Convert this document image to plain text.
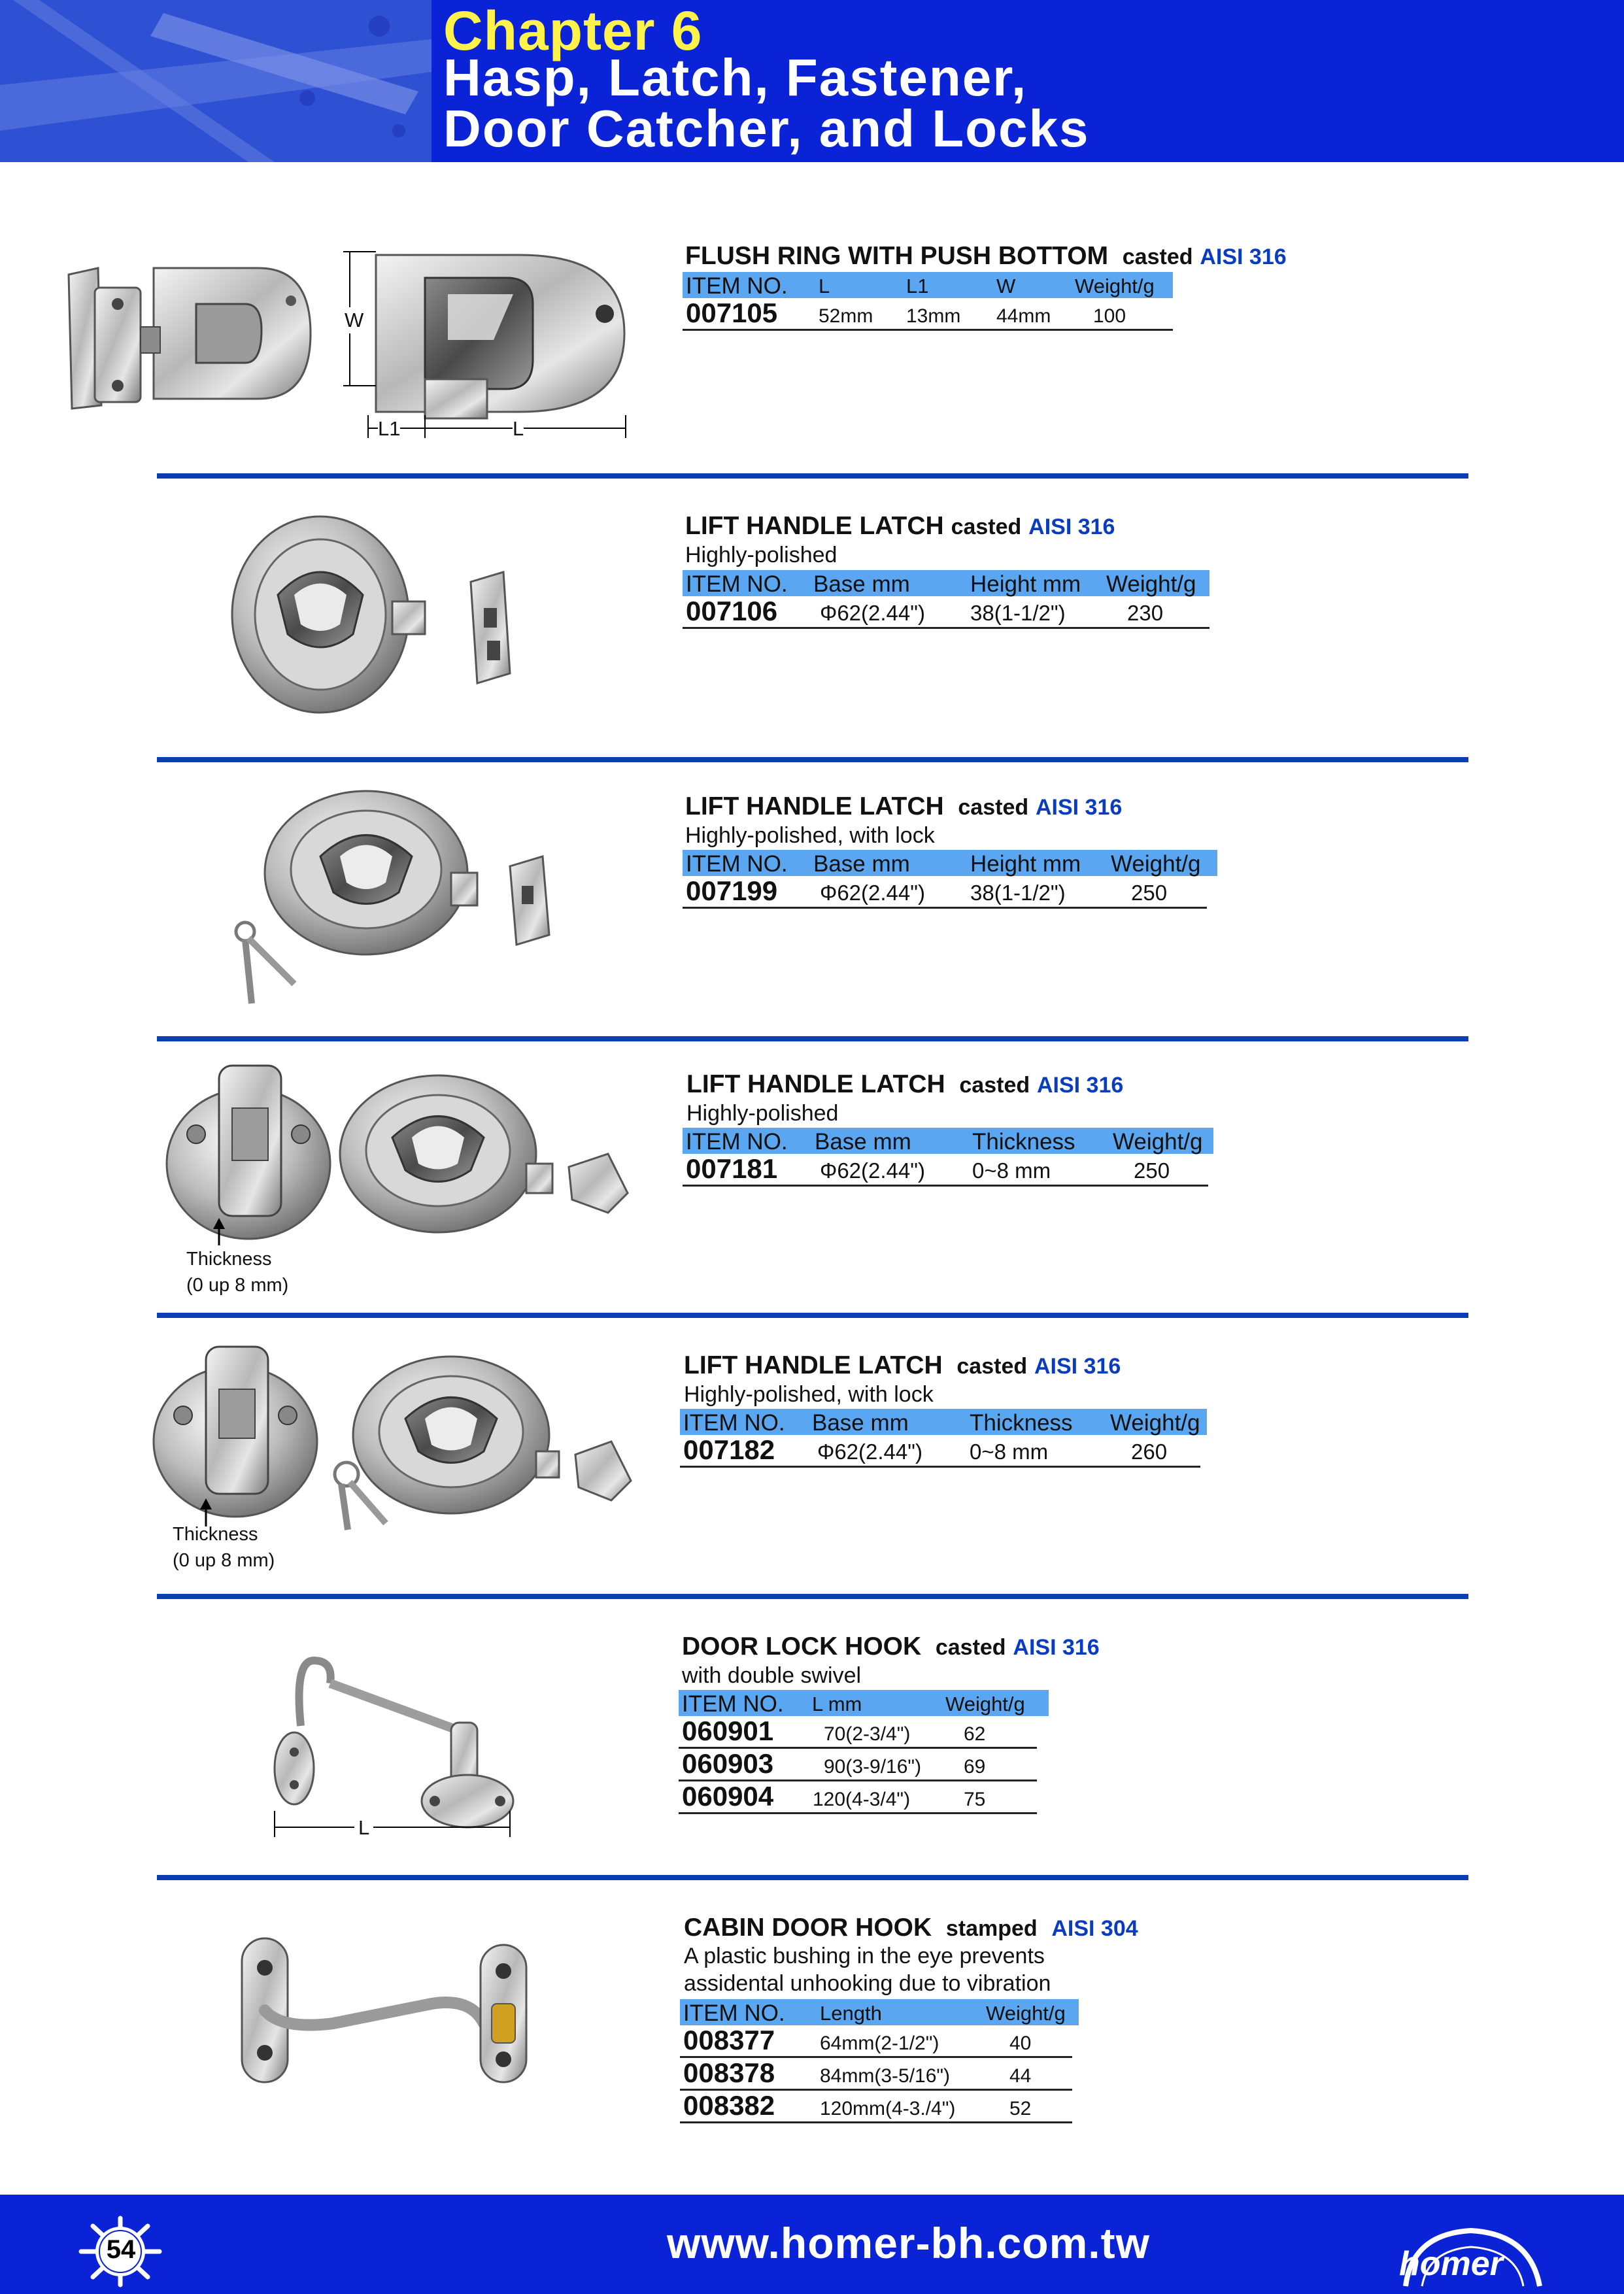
Chapter 6
Hasp, Latch, Fastener,
Door Catcher, and Locks
W
L1	L
FLUSH RING WITH PUSH BOTTOM casted AISI 316
ITEM NO. L	L1	W	Weight/g
007105 52mm 13mm 44mm 100
LIFT HANDLE LATCH casted AISI 316
Highly-polished
ITEM NO. Base mm	Height mm Weight/g
007106 Φ62(2.44") 38(1-1/2")	230
LIFT HANDLE LATCH casted AISI 316
Highly-polished, with lock
ITEM NO. Base mm	Height mm Weight/g
007199 Φ62(2.44") 38(1-1/2")	250
Thickness
(0 up 8 mm)
LIFT HANDLE LATCH casted AISI 316
Highly-polished
ITEM NO. Base mm	Thickness Weight/g
007181 Φ62(2.44") 0~8 mm	250
Thickness
(0 up 8 mm)
LIFT HANDLE LATCH casted AISI 316
Highly-polished, with lock
ITEM NO. Base mm	Thickness Weight/g
007182 Φ62(2.44") 0~8 mm	260
L
DOOR LOCK HOOK casted AISI 316
with double swivel
ITEM NO. L mm	Weight/g
060901	70(2-3/4")	62
060903	90(3-9/16") 69
060904 120(4-3/4")	75
CABIN DOOR HOOK stamped AISI 304
A plastic bushing in the eye prevents
assidental unhooking due to vibration
ITEM NO. Length	Weight/g
008377 64mm(2-1/2")	40
008378 84mm(3-5/16")	44
008382 120mm(4-3./4")	52
54	www.homer-bh.com.tw	homer
